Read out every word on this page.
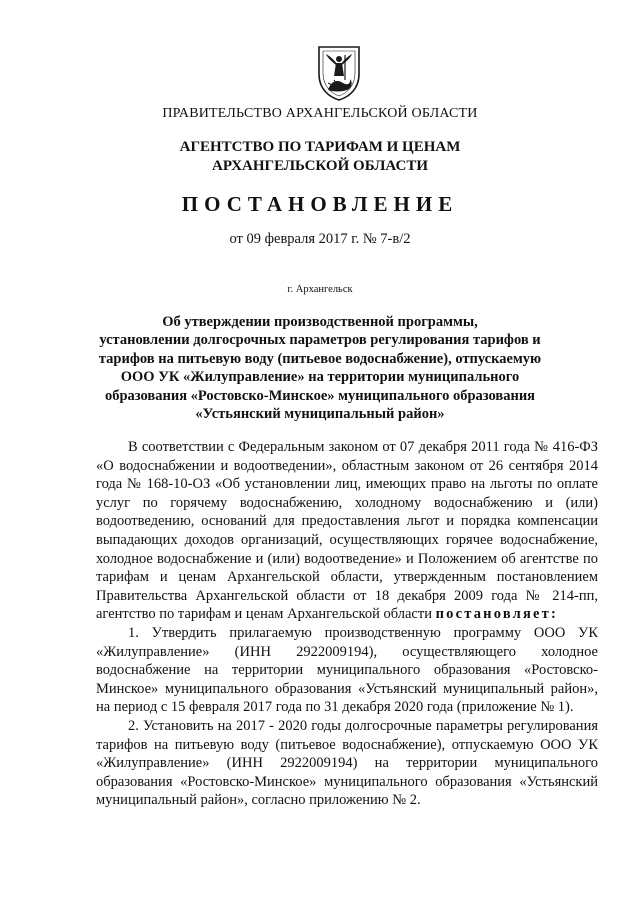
ПРАВИТЕЛЬСТВО АРХАНГЕЛЬСКОЙ ОБЛАСТИ
АГЕНТСТВО ПО ТАРИФАМ И ЦЕНАМ
АРХАНГЕЛЬСКОЙ ОБЛАСТИ
ПОСТАНОВЛЕНИЕ
от 09 февраля 2017 г. № 7-в/2
г. Архангельск
Об утверждении производственной программы,
установлении долгосрочных параметров регулирования тарифов и
тарифов на питьевую воду (питьевое водоснабжение), отпускаемую
ООО УК «Жилуправление» на территории муниципального
образования «Ростовско-Минское» муниципального образования
«Устьянский муниципальный район»

В соответствии с Федеральным законом от 07 декабря 2011 года № 416-ФЗ «О водоснабжении и водоотведении», областным законом от 26 сентября 2014 года № 168-10-ОЗ «Об установлении лиц, имеющих право на льготы по оплате услуг по горячему водоснабжению, холодному водоснабжению и (или) водоотведению, оснований для предоставления льгот и порядка компенсации выпадающих доходов организаций, осуществляющих горячее водоснабжение, холодное водоснабжение и (или) водоотведение» и Положением об агентстве по тарифам и ценам Архангельской области, утвержденным постановлением Правительства Архангельской области от 18 декабря 2009 года № 214-пп, агентство по тарифам и ценам Архангельской области постановляет:

1. Утвердить прилагаемую производственную программу ООО УК «Жилуправление» (ИНН 2922009194), осуществляющего холодное водоснабжение на территории муниципального образования «Ростовско-Минское» муниципального образования «Устьянский муниципальный район», на период с 15 февраля 2017 года по 31 декабря 2020 года (приложение № 1).

2. Установить на 2017 - 2020 годы долгосрочные параметры регулирования тарифов на питьевую воду (питьевое водоснабжение), отпускаемую ООО УК «Жилуправление» (ИНН 2922009194) на территории муниципального образования «Ростовско-Минское» муниципального образования «Устьянский муниципальный район», согласно приложению № 2.
